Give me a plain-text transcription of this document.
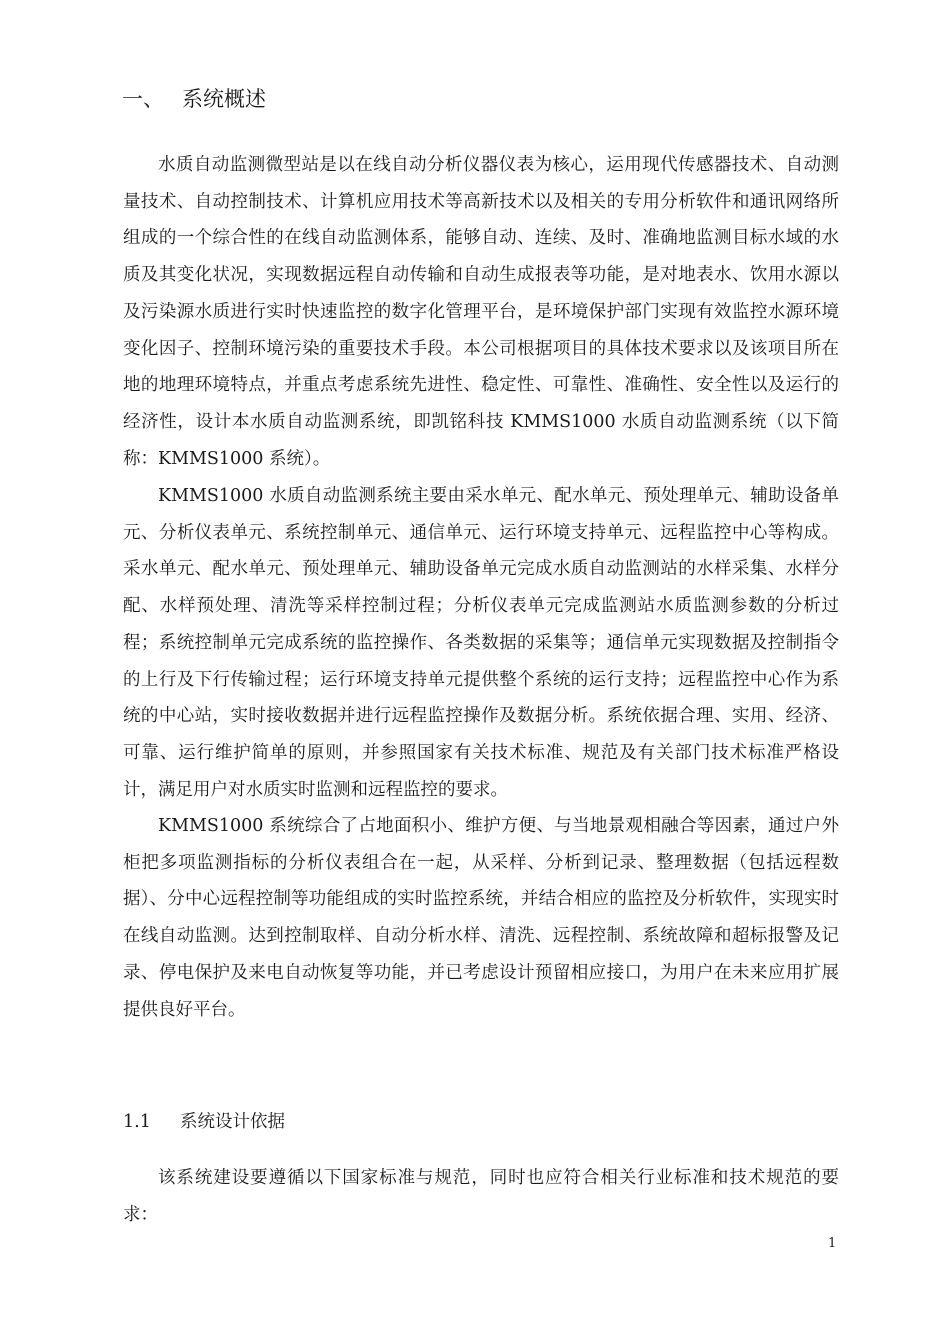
一、 系统概述

水质自动监测微型站是以在线自动分析仪器仪表为核心，运用现代传感器技术、自动测量技术、自动控制技术、计算机应用技术等高新技术以及相关的专用分析软件和通讯网络所组成的一个综合性的在线自动监测体系，能够自动、连续、及时、准确地监测目标水域的水质及其变化状况，实现数据远程自动传输和自动生成报表等功能，是对地表水、饮用水源以及污染源水质进行实时快速监控的数字化管理平台，是环境保护部门实现有效监控水源环境变化因子、控制环境污染的重要技术手段。本公司根据项目的具体技术要求以及该项目所在地的地理环境特点，并重点考虑系统先进性、稳定性、可靠性、准确性、安全性以及运行的经济性，设计本水质自动监测系统，即凯铭科技 KMMS1000 水质自动监测系统（以下简称：KMMS1000 系统）。

KMMS1000 水质自动监测系统主要由采水单元、配水单元、预处理单元、辅助设备单元、分析仪表单元、系统控制单元、通信单元、运行环境支持单元、远程监控中心等构成。采水单元、配水单元、预处理单元、辅助设备单元完成水质自动监测站的水样采集、水样分配、水样预处理、清洗等采样控制过程；分析仪表单元完成监测站水质监测参数的分析过程；系统控制单元完成系统的监控操作、各类数据的采集等；通信单元实现数据及控制指令的上行及下行传输过程；运行环境支持单元提供整个系统的运行支持；远程监控中心作为系统的中心站，实时接收数据并进行远程监控操作及数据分析。系统依据合理、实用、经济、可靠、运行维护简单的原则，并参照国家有关技术标准、规范及有关部门技术标准严格设计，满足用户对水质实时监测和远程监控的要求。

KMMS1000 系统综合了占地面积小、维护方便、与当地景观相融合等因素，通过户外柜把多项监测指标的分析仪表组合在一起，从采样、分析到记录、整理数据（包括远程数据）、分中心远程控制等功能组成的实时监控系统，并结合相应的监控及分析软件，实现实时在线自动监测。达到控制取样、自动分析水样、清洗、远程控制、系统故障和超标报警及记录、停电保护及来电自动恢复等功能，并已考虑设计预留相应接口，为用户在未来应用扩展提供良好平台。

1.1 系统设计依据

该系统建设要遵循以下国家标准与规范，同时也应符合相关行业标准和技术规范的要求：

1
